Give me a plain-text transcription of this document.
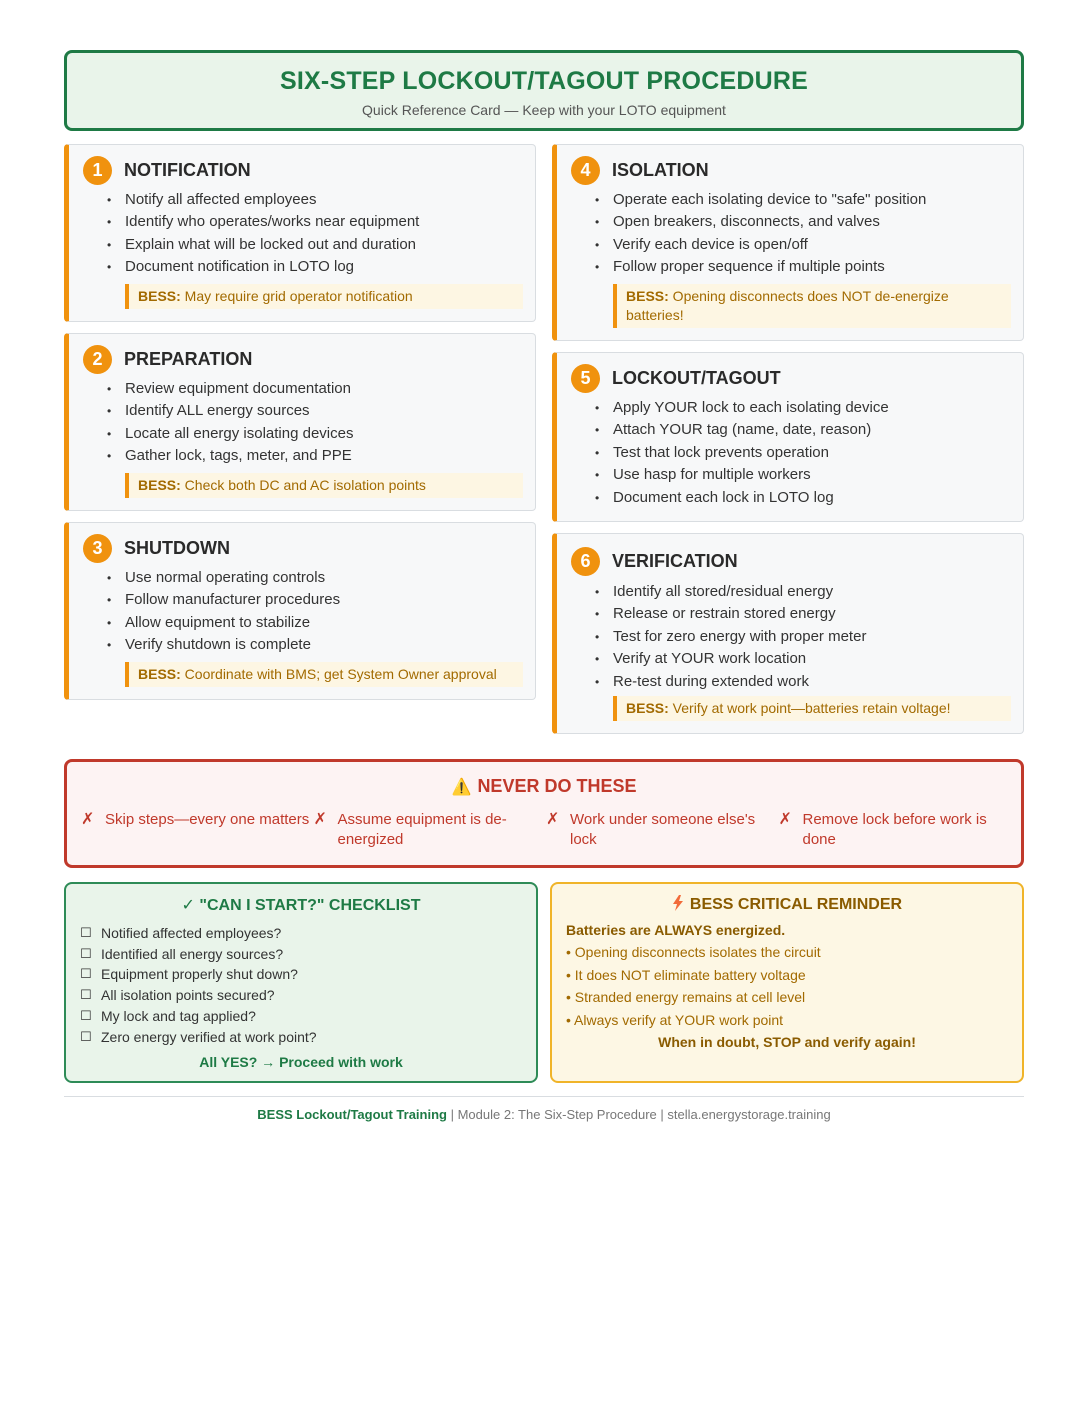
SIX-STEP LOCKOUT/TAGOUT PROCEDURE

Quick Reference Card — Keep with your LOTO equipment

1	NOTIFICATION
• Notify all affected employees
• Identify who operates/works near equipment
• Explain what will be locked out and duration
• Document notification in LOTO log
BESS: May require grid operator notification
2	PREPARATION
• Review equipment documentation
• Identify ALL energy sources
• Locate all energy isolating devices
• Gather lock, tags, meter, and PPE
BESS: Check both DC and AC isolation points
3	SHUTDOWN
• Use normal operating controls
• Follow manufacturer procedures
• Allow equipment to stabilize
• Verify shutdown is complete
BESS: Coordinate with BMS; get System Owner approval
4	ISOLATION
• Operate each isolating device to "safe" position
• Open breakers, disconnects, and valves
• Verify each device is open/off
• Follow proper sequence if multiple points
BESS: Opening disconnects does NOT de-energize batteries!
5	LOCKOUT/TAGOUT
• Apply YOUR lock to each isolating device
• Attach YOUR tag (name, date, reason)
• Test that lock prevents operation
• Use hasp for multiple workers
• Document each lock in LOTO log
6	VERIFICATION
• Identify all stored/residual energy
• Release or restrain stored energy
• Test for zero energy with proper meter
• Verify at YOUR work location
• Re-test during extended work
BESS: Verify at work point—batteries retain voltage!
⚠️ NEVER DO THESE
✗ Skip steps—every one matters ✗ Assume equipment is de-energized
✗ Work under someone else's lock
✗ Remove lock before work is done
✓ "CAN I START?" CHECKLIST
☐ Notified affected employees?
☐ Identified all energy sources?
☐ Equipment properly shut down?
☐ All isolation points secured?
☐ My lock and tag applied?
☐ Zero energy verified at work point?
All YES? → Proceed with work
BESS CRITICAL REMINDER
Batteries are ALWAYS energized.
• Opening disconnects isolates the circuit
• It does NOT eliminate battery voltage
• Stranded energy remains at cell level
• Always verify at YOUR work point
When in doubt, STOP and verify again!
BESS Lockout/Tagout Training | Module 2: The Six-Step Procedure | stella.energystorage.training
